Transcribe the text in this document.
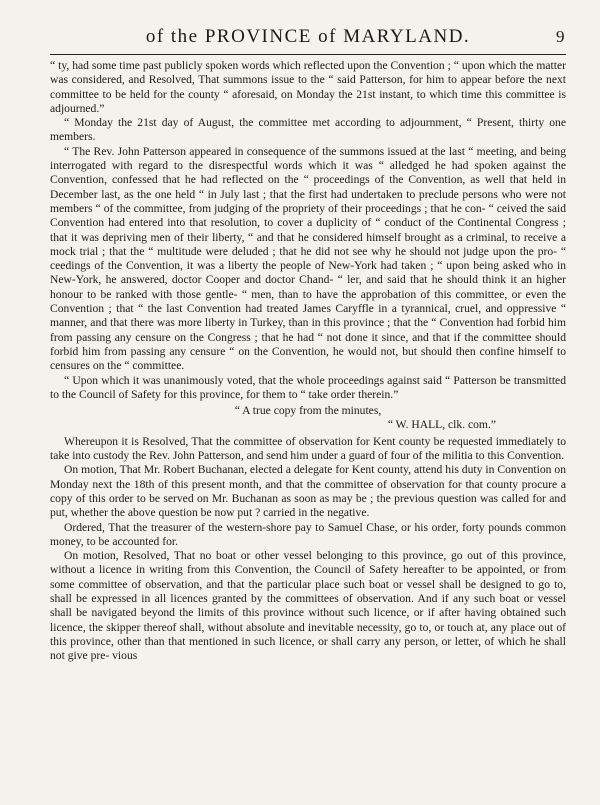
of the PROVINCE of MARYLAND.	9

“ ty, had some time past publicly spoken words which reflected upon the Convention ; “ upon which the matter was considered, and Resolved, That summons issue to the “ said Patterson, for him to appear before the next committee to be held for the county “ aforesaid, on Monday the 21st instant, to which time this committee is adjourned.”

“ Monday the 21st day of August, the committee met according to adjournment, “ Present, thirty one members.

“ The Rev. John Patterson appeared in consequence of the summons issued at the last “ meeting, and being interrogated with regard to the disrespectful words which it was “ alledged he had spoken against the Convention, confessed that he had reflected on the “ proceedings of the Convention, as well that held in December last, as the one held “ in July last ; that the first had undertaken to preclude persons who were not members “ of the committee, from judging of the propriety of their proceedings ; that he con- “ ceived the said Convention had entered into that resolution, to cover a duplicity of “ conduct of the Continental Congress ; that it was depriving men of their liberty, “ and that he considered himself brought as a criminal, to receive a mock trial ; that the “ multitude were deluded ; that he did not see why he should not judge upon the pro- “ ceedings of the Convention, it was a liberty the people of New-York had taken ; “ upon being asked who in New-York, he answered, doctor Cooper and doctor Chand- “ ler, and said that he should think it an higher honour to be ranked with those gentle- “ men, than to have the approbation of this committee, or even the Convention ; that “ the last Convention had treated James Caryffle in a tyrannical, cruel, and oppressive “ manner, and that there was more liberty in Turkey, than in this province ; that the “ Convention had forbid him from passing any censure on the Congress ; that he had “ not done it since, and that if the committee should forbid him from passing any censure “ on the Convention, he would not, but should then confine himself to censures on the “ committee.

“ Upon which it was unanimously voted, that the whole proceedings against said “ Patterson be transmitted to the Council of Safety for this province, for them to “ take order therein.”

“ A true copy from the minutes,

“ W. HALL, clk. com.”

Whereupon it is Resolved, That the committee of observation for Kent county be requested immediately to take into custody the Rev. John Patterson, and send him under a guard of four of the militia to this Convention.

On motion, That Mr. Robert Buchanan, elected a delegate for Kent county, attend his duty in Convention on Monday next the 18th of this present month, and that the committee of observation for that county procure a copy of this order to be served on Mr. Buchanan as soon as may be ; the previous question was called for and put, whether the above question be now put ? carried in the negative.

Ordered, That the treasurer of the western-shore pay to Samuel Chase, or his order, forty pounds common money, to be accounted for.

On motion, Resolved, That no boat or other vessel belonging to this province, go out of this province, without a licence in writing from this Convention, the Council of Safety hereafter to be appointed, or from some committee of observation, and that the particular place such boat or vessel shall be designed to go to, shall be expressed in all licences granted by the committees of observation. And if any such boat or vessel shall be navigated beyond the limits of this province without such licence, or if after having obtained such licence, the skipper thereof shall, without absolute and inevitable necessity, go to, or touch at, any place out of this province, other than that mentioned in such licence, or shall carry any person, or letter, of which he shall not give pre- vious
